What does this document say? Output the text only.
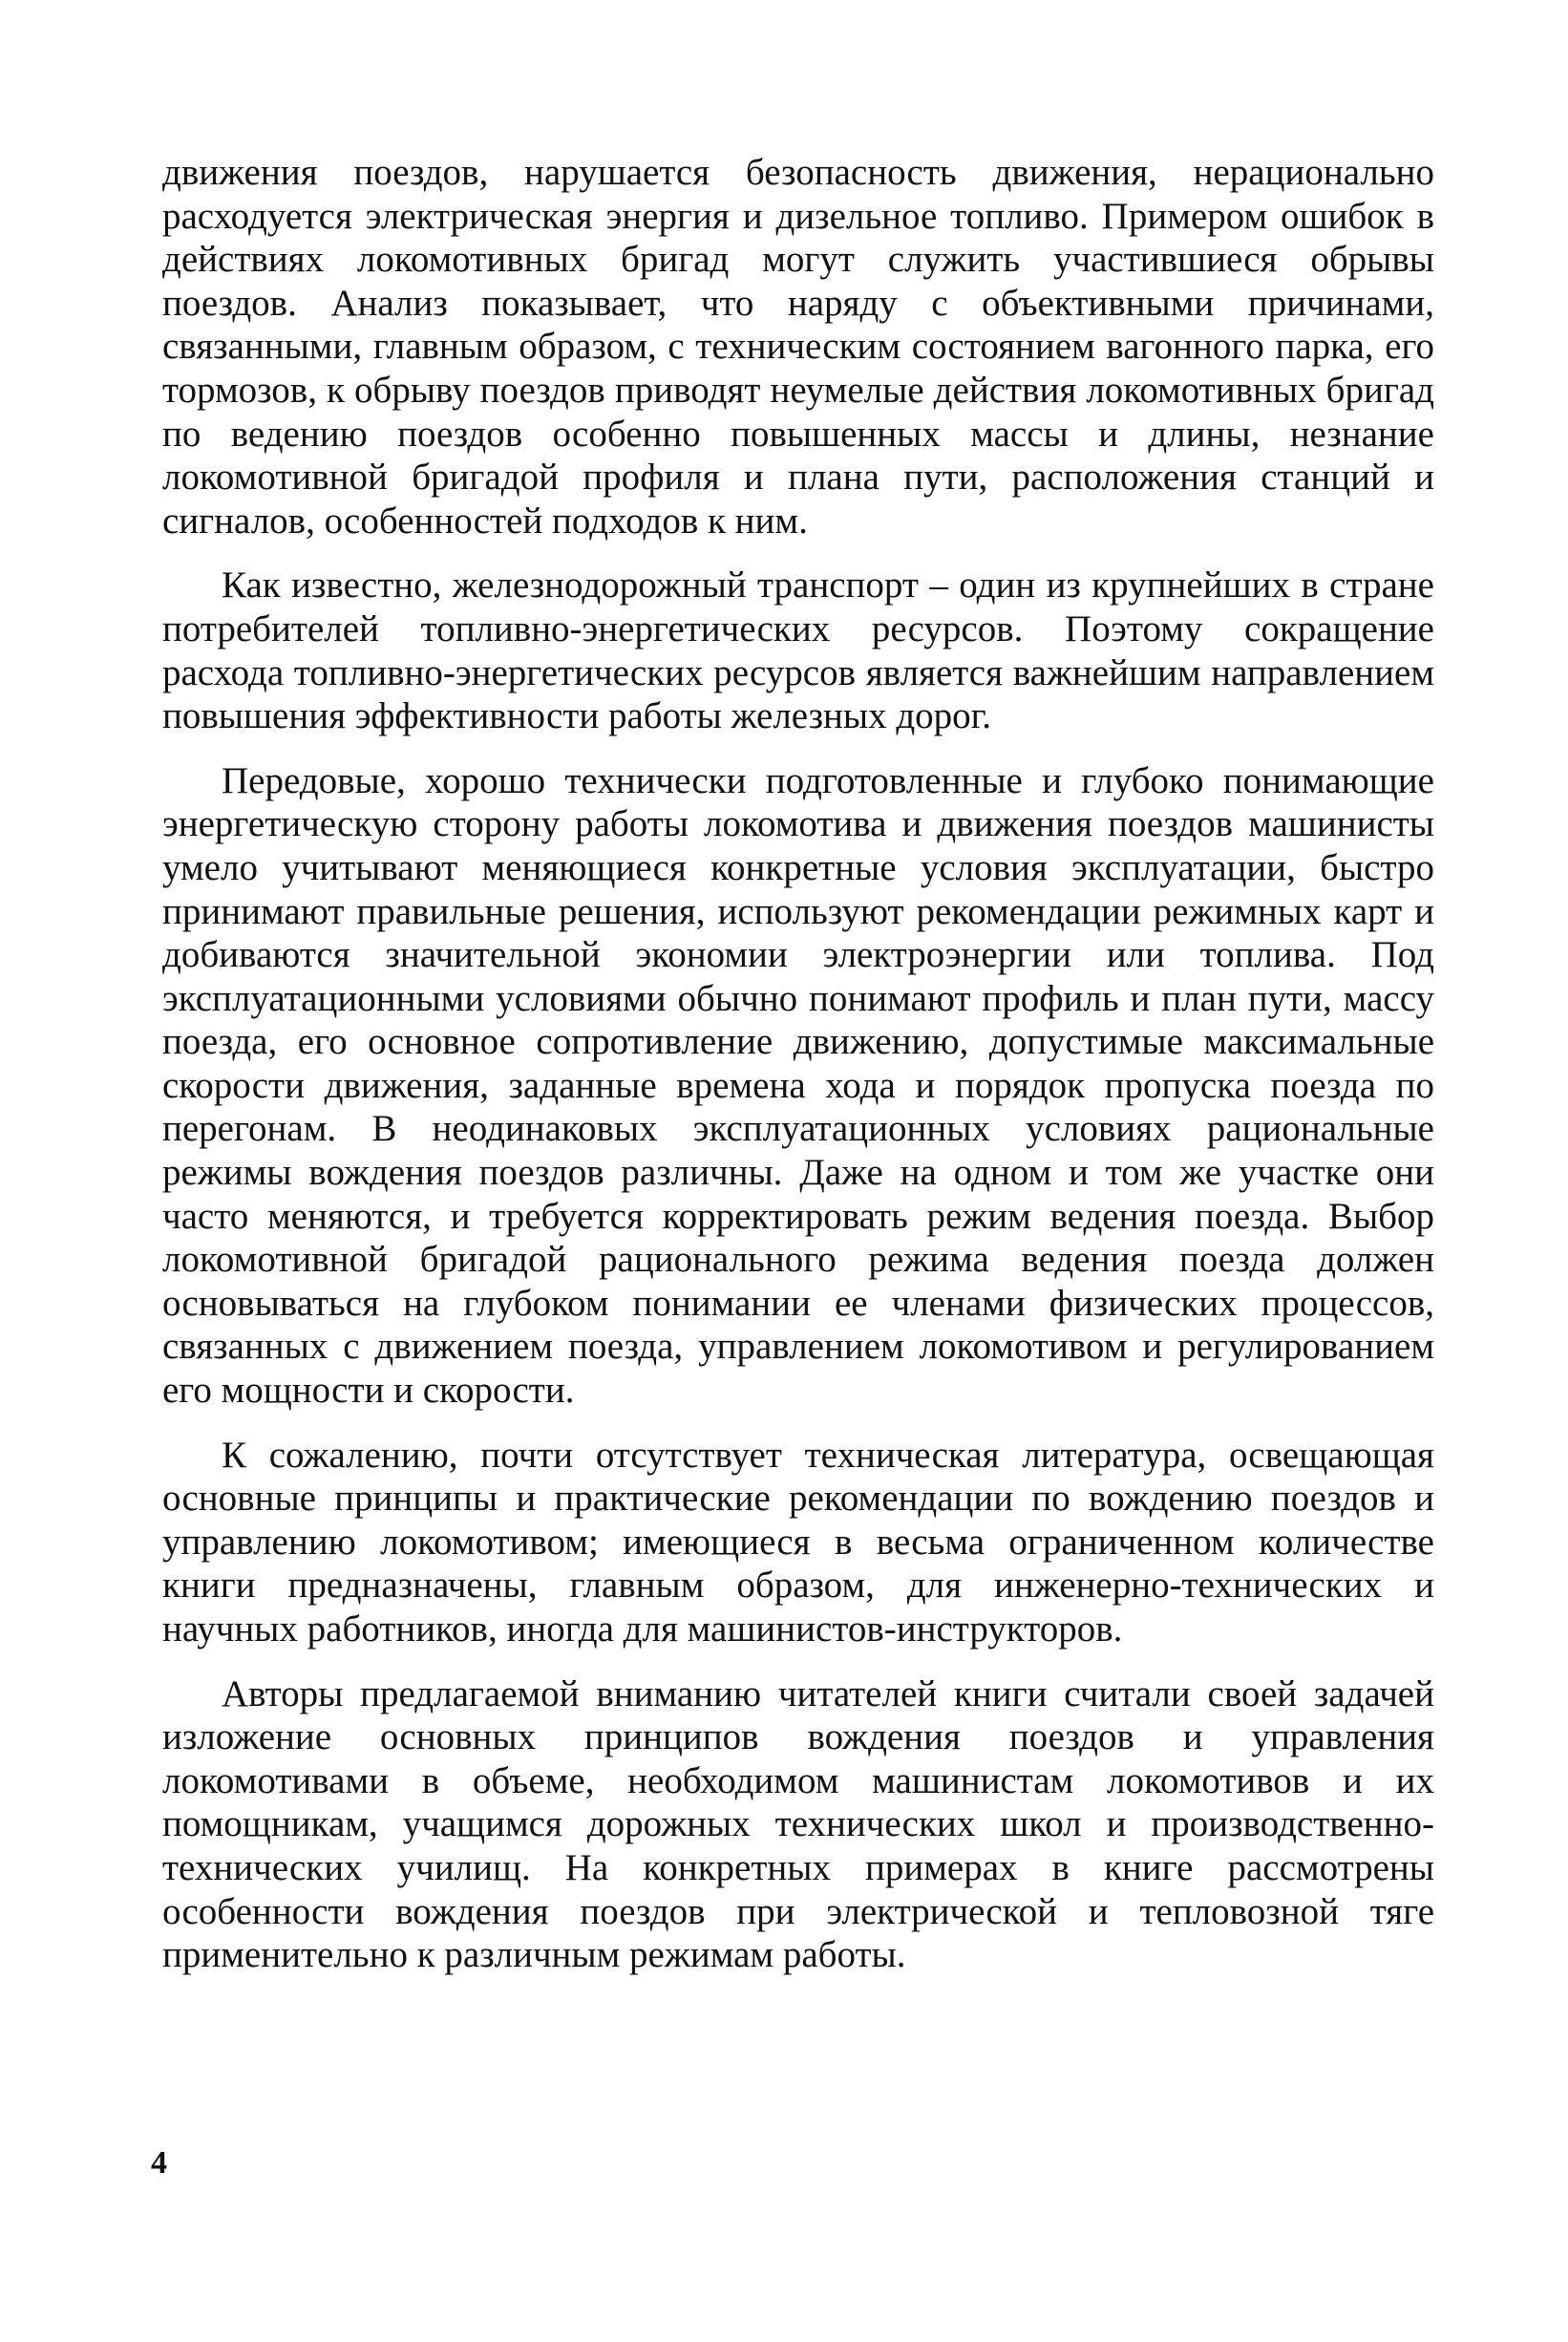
движения поездов, нарушается безопасность движения, нерационально расходуется электрическая энергия и дизельное топливо. Примером ошибок в действиях локомотивных бригад могут служить участившиеся обрывы поездов. Анализ показывает, что наряду с объективными причинами, связанными, главным образом, с техническим состоянием вагонного парка, его тормозов, к обрыву поездов приводят неумелые действия локомотивных бригад по ведению поездов особенно повышенных массы и длины, незнание локомотивной бригадой профиля и плана пути, расположения станций и сигналов, особенностей подходов к ним.

Как известно, железнодорожный транспорт – один из крупнейших в стране потребителей топливно-энергетических ресурсов. Поэтому сокращение расхода топливно-энергетических ресурсов является важнейшим направлением повышения эффективности работы железных дорог.

Передовые, хорошо технически подготовленные и глубоко понимающие энергетическую сторону работы локомотива и движения поездов машинисты умело учитывают меняющиеся конкретные условия эксплуатации, быстро принимают правильные решения, используют рекомендации режимных карт и добиваются значительной экономии электроэнергии или топлива. Под эксплуатационными условиями обычно понимают профиль и план пути, массу поезда, его основное сопротивление движению, допустимые максимальные скорости движения, заданные времена хода и порядок пропуска поезда по перегонам. В неодинаковых эксплуатационных условиях рациональные режимы вождения поездов различны. Даже на одном и том же участке они часто меняются, и требуется корректировать режим ведения поезда. Выбор локомотивной бригадой рационального режима ведения поезда должен основываться на глубоком понимании ее членами физических процессов, связанных с движением поезда, управлением локомотивом и регулированием его мощности и скорости.

К сожалению, почти отсутствует техническая литература, освещающая основные принципы и практические рекомендации по вождению поездов и управлению локомотивом; имеющиеся в весьма ограниченном количестве книги предназначены, главным образом, для инженерно-технических и научных работников, иногда для машинистов-инструкторов.

Авторы предлагаемой вниманию читателей книги считали своей задачей изложение основных принципов вождения поездов и управления локомотивами в объеме, необходимом машинистам локомотивов и их помощникам, учащимся дорожных технических школ и производственно-технических училищ. На конкретных примерах в книге рассмотрены особенности вождения поездов при электрической и тепловозной тяге применительно к различным режимам работы.

4
